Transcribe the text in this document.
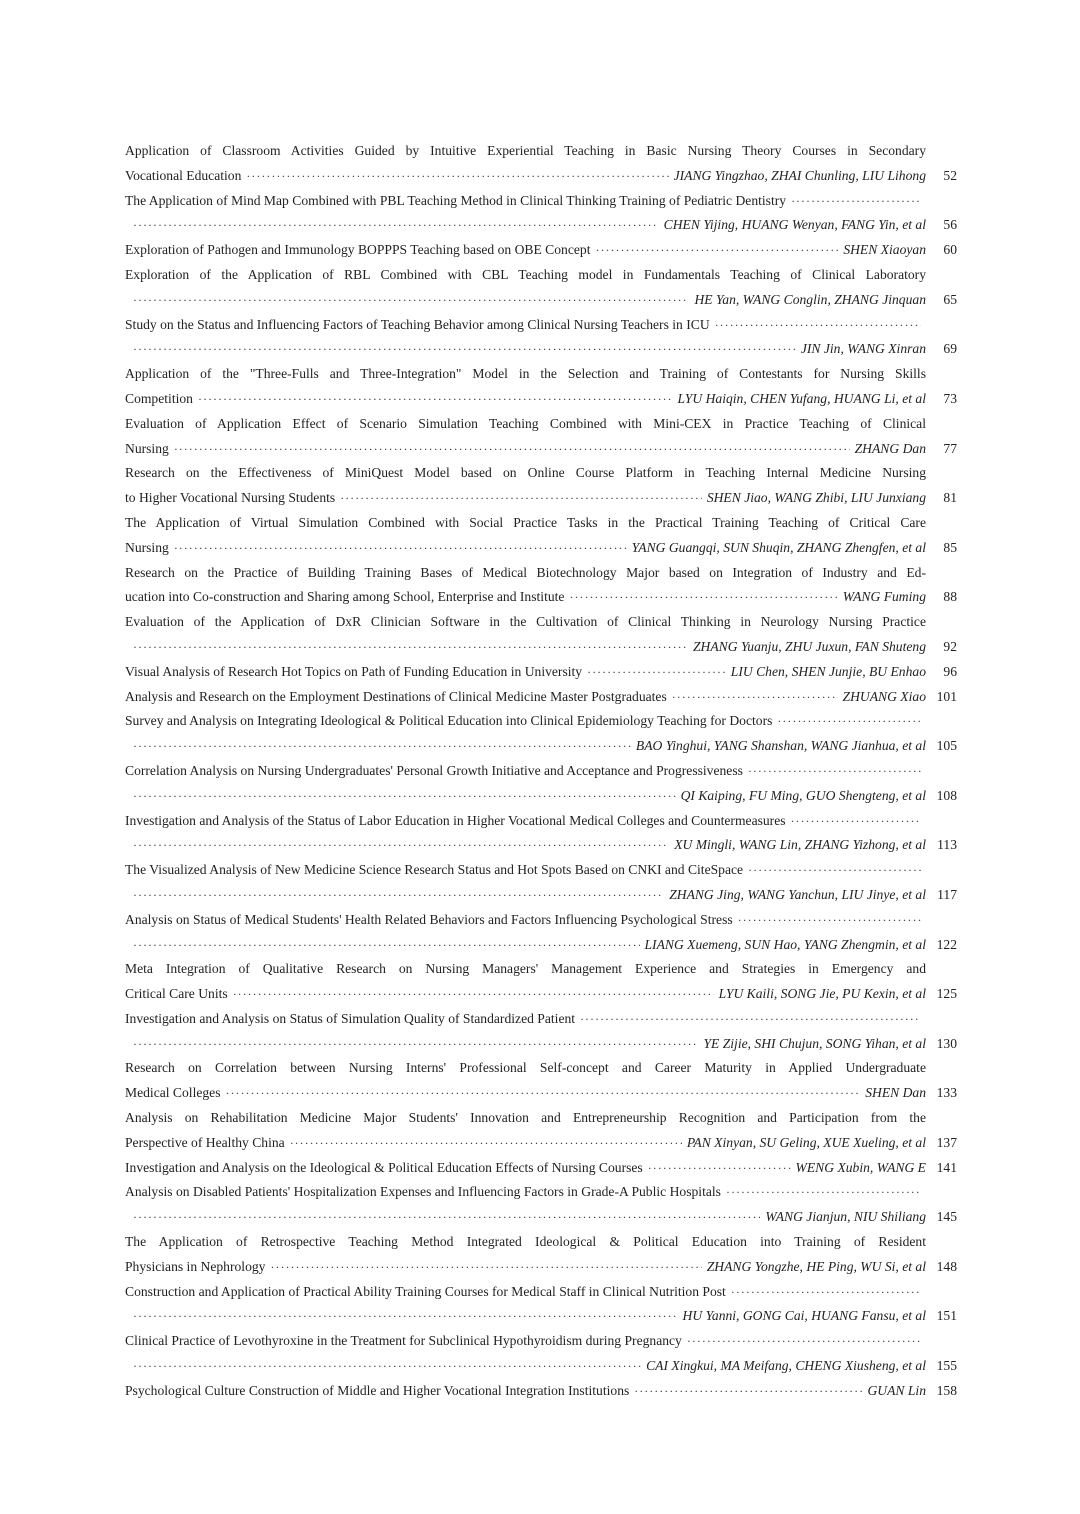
Application of Classroom Activities Guided by Intuitive Experiential Teaching in Basic Nursing Theory Courses in Secondary
Vocational Education ·····	JIANG Yingzhao, ZHAI Chunling, LIU Lihong	52
The Application of Mind Map Combined with PBL Teaching Method in Clinical Thinking Training of Pediatric Dentistry
·····
·····
CHEN Yijing, HUANG Wenyan, FANG Yin, et al	56
Exploration of Pathogen and Immunology BOPPPS Teaching based on OBE Concept ·····	SHEN Xiaoyan	60
Exploration of the Application of RBL Combined with CBL Teaching model in Fundamentals Teaching of Clinical Laboratory
·····
HE Yan, WANG Conglin, ZHANG Jinquan	65
Study on the Status and Influencing Factors of Teaching Behavior among Clinical Nursing Teachers in ICU
·····
·····
JIN Jin, WANG Xinran	69
Application of the "Three-Fulls and Three-Integration" Model in the Selection and Training of Contestants for Nursing Skills
Competition ·····	LYU Haiqin, CHEN Yufang, HUANG Li, et al	73
Evaluation of Application Effect of Scenario Simulation Teaching Combined with Mini-CEX in Practice Teaching of Clinical
Nursing ·····	ZHANG Dan	77
Research on the Effectiveness of MiniQuest Model based on Online Course Platform in Teaching Internal Medicine Nursing
to Higher Vocational Nursing Students ·····	SHEN Jiao, WANG Zhibi, LIU Junxiang	81
The Application of Virtual Simulation Combined with Social Practice Tasks in the Practical Training Teaching of Critical Care
Nursing ·····	YANG Guangqi, SUN Shuqin, ZHANG Zhengfen, et al	85
Research on the Practice of Building Training Bases of Medical Biotechnology Major based on Integration of Industry and Ed-
ucation into Co-construction and Sharing among School, Enterprise and Institute ·····	WANG Fuming	88
Evaluation of the Application of DxR Clinician Software in the Cultivation of Clinical Thinking in Neurology Nursing Practice
·····
ZHANG Yuanju, ZHU Juxun, FAN Shuteng	92
Visual Analysis of Research Hot Topics on Path of Funding Education in University ·····	LIU Chen, SHEN Junjie, BU Enhao	96
Analysis and Research on the Employment Destinations of Clinical Medicine Master Postgraduates ·····	ZHUANG Xiao 101
Survey and Analysis on Integrating Ideological & Political Education into Clinical Epidemiology Teaching for Doctors
·····
·····
BAO Yinghui, YANG Shanshan, WANG Jianhua, et al 105
Correlation Analysis on Nursing Undergraduates' Personal Growth Initiative and Acceptance and Progressiveness
·····
·····
QI Kaiping, FU Ming, GUO Shengteng, et al 108
Investigation and Analysis of the Status of Labor Education in Higher Vocational Medical Colleges and Countermeasures
·····
·····
XU Mingli, WANG Lin, ZHANG Yizhong, et al 113
The Visualized Analysis of New Medicine Science Research Status and Hot Spots Based on CNKI and CiteSpace
·····
·····
ZHANG Jing, WANG Yanchun, LIU Jinye, et al 117
Analysis on Status of Medical Students' Health Related Behaviors and Factors Influencing Psychological Stress
·····
·····
LIANG Xuemeng, SUN Hao, YANG Zhengmin, et al 122
Meta Integration of Qualitative Research on Nursing Managers' Management Experience and Strategies in Emergency and
Critical Care Units ·····	LYU Kaili, SONG Jie, PU Kexin, et al 125
Investigation and Analysis on Status of Simulation Quality of Standardized Patient
·····
·····
YE Zijie, SHI Chujun, SONG Yihan, et al 130
Research on Correlation between Nursing Interns' Professional Self-concept and Career Maturity in Applied Undergraduate
Medical Colleges ·····	SHEN Dan 133
Analysis on Rehabilitation Medicine Major Students' Innovation and Entrepreneurship Recognition and Participation from the
Perspective of Healthy China ·····	PAN Xinyan, SU Geling, XUE Xueling, et al 137
Investigation and Analysis on the Ideological & Political Education Effects of Nursing Courses ·····	WENG Xubin, WANG E 141
Analysis on Disabled Patients' Hospitalization Expenses and Influencing Factors in Grade-A Public Hospitals
·····
·····
WANG Jianjun, NIU Shiliang 145
The Application of Retrospective Teaching Method Integrated Ideological & Political Education into Training of Resident
Physicians in Nephrology ·····	ZHANG Yongzhe, HE Ping, WU Si, et al 148
Construction and Application of Practical Ability Training Courses for Medical Staff in Clinical Nutrition Post
·····
·····
HU Yanni, GONG Cai, HUANG Fansu, et al 151
Clinical Practice of Levothyroxine in the Treatment for Subclinical Hypothyroidism during Pregnancy
·····
·····
CAI Xingkui, MA Meifang, CHENG Xiusheng, et al 155
Psychological Culture Construction of Middle and Higher Vocational Integration Institutions ·····	GUAN Lin 158
